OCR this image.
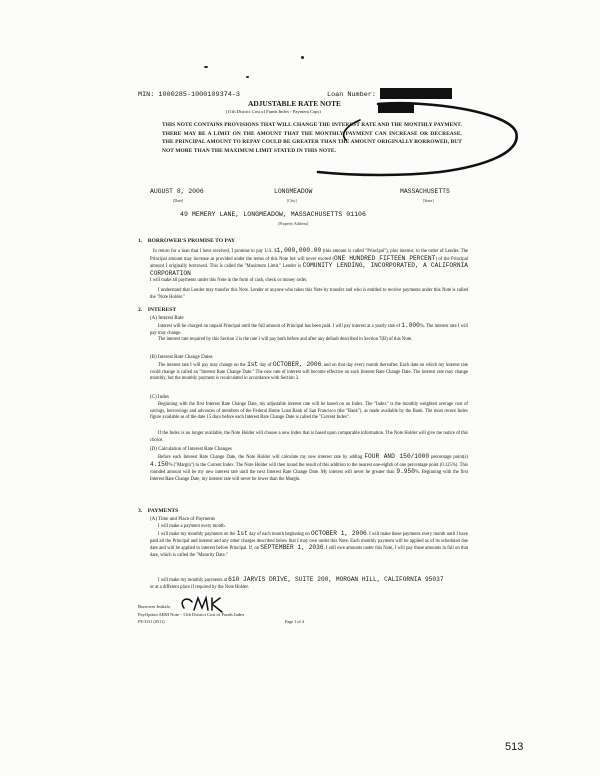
MIN: 1000285-1000109374-3	Loan Number:
ADJUSTABLE RATE NOTE
(11th District Cost of Funds Index - Payment Caps)
THIS NOTE CONTAINS PROVISIONS THAT WILL CHANGE THE INTEREST RATE AND THE MONTHLY PAYMENT. THERE MAY BE A LIMIT ON THE AMOUNT THAT THE MONTHLY PAYMENT CAN INCREASE OR DECREASE. THE PRINCIPAL AMOUNT TO REPAY COULD BE GREATER THAN THE AMOUNT ORIGINALLY BORROWED, BUT NOT MORE THAN THE MAXIMUM LIMIT STATED IN THIS NOTE.
AUGUST 8, 2006
[Date]
LONGMEADOW
[City]
MASSACHUSETTS
[State]
49 MEMERY LANE, LONGMEADOW, MASSACHUSETTS 01106
[Property Address]
1.    BORROWER'S PROMISE TO PAY
In return for a loan that I have received, I promise to pay U.S. $1,000,000.00 (this amount is called "Principal"), plus interest, to the order of Lender. The Principal amount may increase as provided under the terms of this Note but will never exceed (ONE HUNDRED FIFTEEN PERCENT) of the Principal amount I originally borrowed. This is called the "Maximum Limit." Lender is COMUNITY LENDING, INCORPORATED, A CALIFORNIA CORPORATION
I will make all payments under this Note in the form of cash, check or money order.
I understand that Lender may transfer this Note. Lender or anyone who takes this Note by transfer and who is entitled to receive payments under this Note is called the "Note Holder."
2.    INTEREST
(A) Interest Rate
Interest will be charged on unpaid Principal until the full amount of Principal has been paid. I will pay interest at a yearly rate of 1.000%. The interest rate I will pay may change.
The interest rate required by this Section 2 is the rate I will pay both before and after any default described in Section 7(B) of this Note.
(B) Interest Rate Change Dates
The interest rate I will pay may change on the 1st day of OCTOBER, 2006, and on that day every month thereafter. Each date on which my interest rate could change is called an "Interest Rate Change Date." The new rate of interest will become effective on each Interest Rate Change Date. The interest rate may change monthly, but the monthly payment is recalculated in accordance with Section 3.
(C) Index
Beginning with the first Interest Rate Change Date, my adjustable interest rate will be based on an Index. The "Index" is the monthly weighted average cost of savings, borrowings and advances of members of the Federal Home Loan Bank of San Francisco (the "Bank"), as made available by the Bank. The most recent Index figure available as of the date 15 days before each Interest Rate Change Date is called the "Current Index".
If the Index is no longer available, the Note Holder will choose a new index that is based upon comparable information. The Note Holder will give me notice of this choice.
(D) Calculation of Interest Rate Changes
Before each Interest Rate Change Date, the Note Holder will calculate my new interest rate by adding FOUR AND 150/1000 percentage point(s) 4.150% ("Margin") to the Current Index. The Note Holder will then round the result of this addition to the nearest one-eighth of one percentage point (0.125%). This rounded amount will be my new interest rate until the next Interest Rate Change Date. My interest will never be greater than 9.950%. Beginning with the first Interest Rate Change Date, my interest rate will never be lower than the Margin.
3.    PAYMENTS
(A) Time and Place of Payments
I will make a payment every month.
I will make my monthly payments on the 1st day of each month beginning on OCTOBER 1, 2006. I will make these payments every month until I have paid all the Principal and interest and any other charges described below that I may owe under this Note. Each monthly payment will be applied as of its scheduled due date and will be applied to interest before Principal. If, on SEPTEMBER 1, 2036, I still owe amounts under this Note, I will pay those amounts in full on that date, which is called the "Maturity Date."
I will make my monthly payments at 610 JARVIS DRIVE, SUITE 200, MORGAN HILL, CALIFORNIA 95037
or at a different place if required by the Note Holder.
Borrower Initials:
PayOption ARM Note - 11th District Cost of Funds Index
FE-3311 (0511)	Page 1 of 4
513
